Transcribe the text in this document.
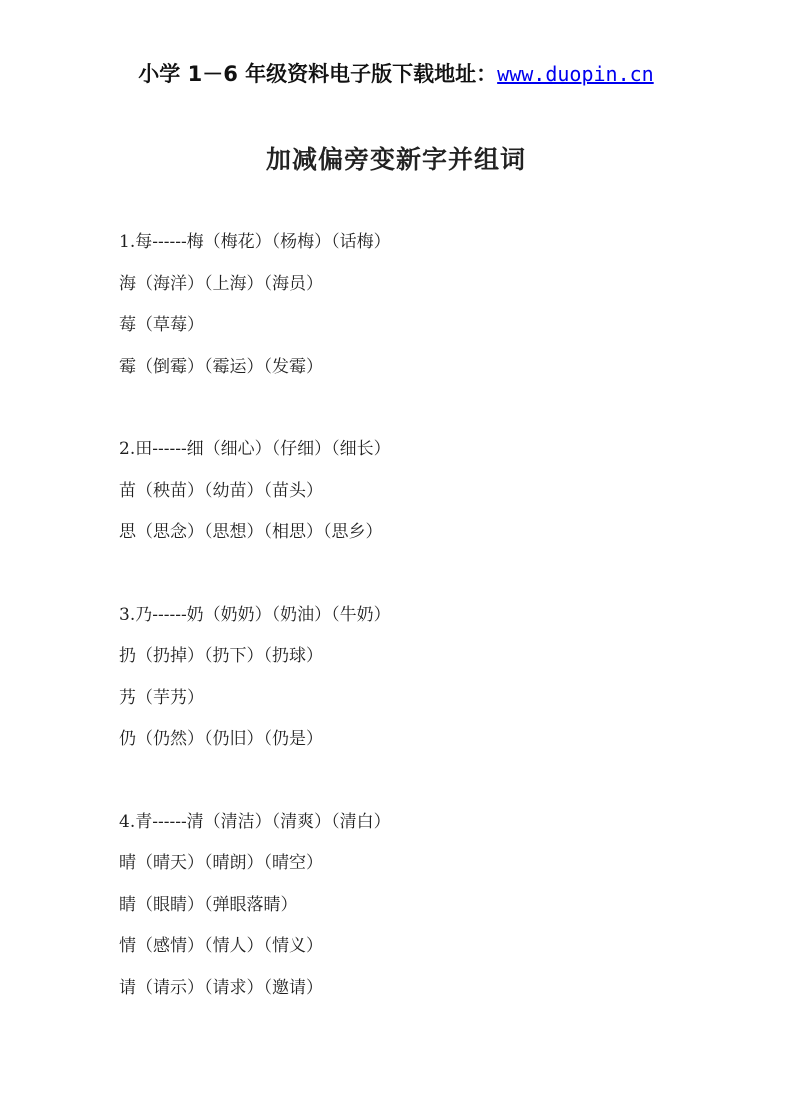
小学 1－6 年级资料电子版下载地址：www.duopin.cn
加减偏旁变新字并组词
1.每------梅（梅花）（杨梅）（话梅）
海（海洋）（上海）（海员）
莓（草莓）
霉（倒霉）（霉运）（发霉）
2.田------细（细心）（仔细）（细长）
苗（秧苗）（幼苗）（苗头）
思（思念）（思想）（相思）（思乡）
3.乃------奶（奶奶）（奶油）（牛奶）
扔（扔掉）（扔下）（扔球）
艿（芋艿）
仍（仍然）（仍旧）（仍是）
4.青------清（清洁）（清爽）（清白）
晴（晴天）（晴朗）（晴空）
睛（眼睛）（弹眼落睛）
情（感情）（情人）（情义）
请（请示）（请求）（邀请）
